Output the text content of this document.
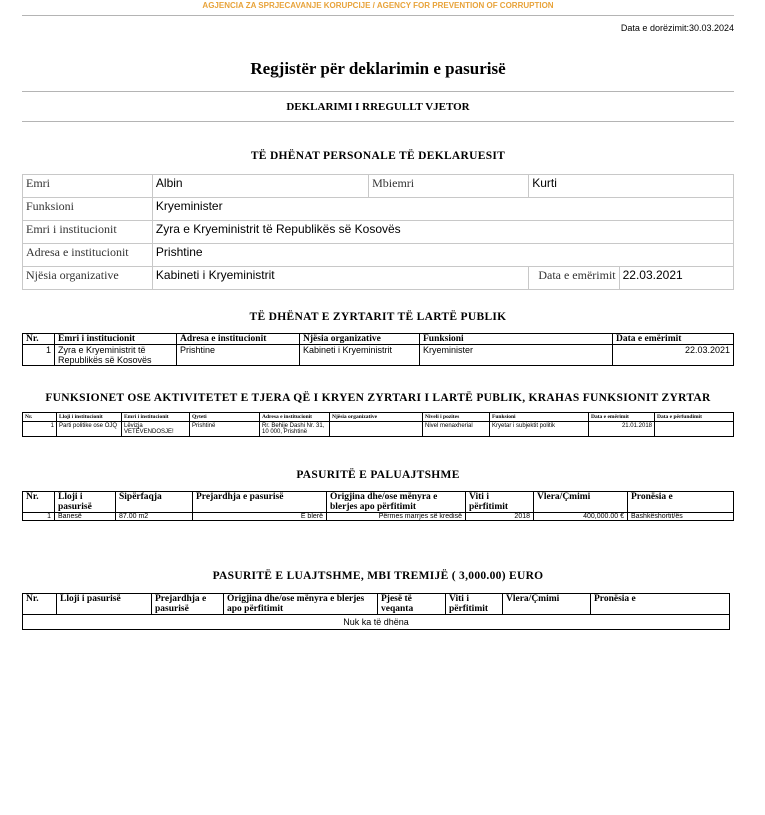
AGJENCIA ZA SPRJECAVANJE KORUPCIJE / AGENCY FOR PREVENTION OF CORRUPTION
Data e dorëzimit:30.03.2024
Regjistër për deklarimin e pasurisë
DEKLARIMI I RREGULLT VJETOR
TË DHËNAT PERSONALE TË DEKLARUESIT
Emri	Albin	Mbiemri	Kurti	
Funksioni	Kryeminister			
Emri i institucionit	Zyra e Kryeministrit të Republikës së Kosovës			
Adresa e institucionit	Prishtine			
Njësia organizative	Kabineti i Kryeministrit		Data e emërimit	22.03.2021
TË DHËNAT E ZYRTARIT TË LARTË PUBLIK
Nr.	Emri i institucionit	Adresa e institucionit	Njësia organizative	Funksioni	Data e emërimit
1	Zyra e Kryeministrit të Republikës së Kosovës	Prishtine	Kabineti i Kryeministrit	Kryeminister	22.03.2021
FUNKSIONET OSE AKTIVITETET E TJERA QË I KRYEN ZYRTARI I LARTË PUBLIK, KRAHAS FUNKSIONIT ZYRTAR
Nr.	Lloji i institucionit	Emri i institucionit	Qyteti	Adresa e institucionit	Njësia organizative	Niveli i pozites	Funksioni	Data e emërimit	Data e përfundimit
1	Parti politike ose OJQ	Lëvizja VETËVENDOSJE!	Prishtinë	Rr. Behije Dashi Nr. 31, 10 000, Prishtinë		Nivel menaxherial	Kryetar i subjektit politik	21.01.2018	
PASURITË E PALUAJTSHME
Nr.	Lloji i pasurisë	Sipërfaqja	Prejardhja e pasurisë	Origjina dhe/ose mënyra e blerjes apo përfitimit	Viti i përfitimit	Vlera/Çmimi	Pronësia e
1	Banesë	87.00 m2	E blerë	Përmes marrjes së kredisë	2018	400,000.00 €	Bashkëshortit/ës
PASURITË E LUAJTSHME, MBI TREMIJË ( 3,000.00) EURO
Nr.	Lloji i pasurisë	Prejardhja e pasurisë	Origjina dhe/ose mënyra e blerjes apo përfitimit	Pjesë të veqanta	Viti i përfitimit	Vlera/Çmimi	Pronësia e
Nuk ka të dhëna
